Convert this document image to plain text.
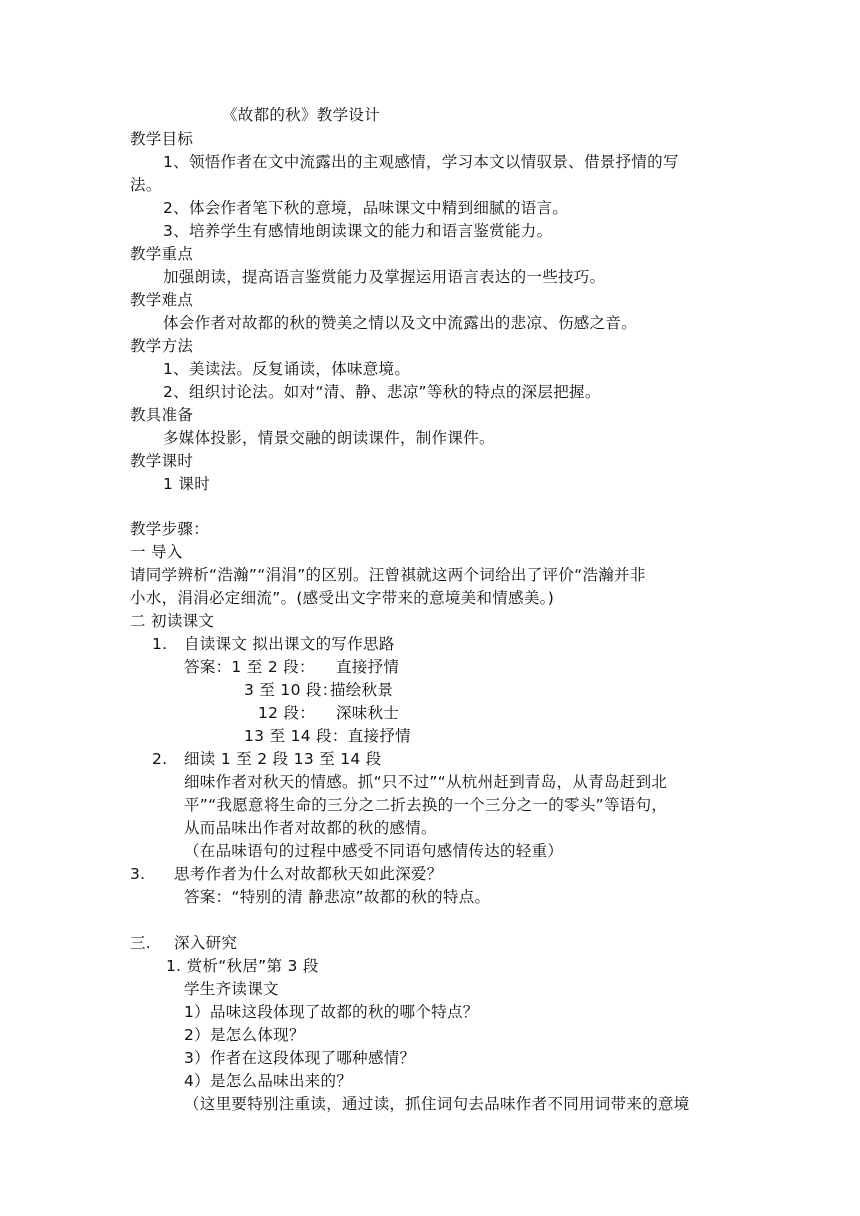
《故都的秋》教学设计
教学目标
1、领悟作者在文中流露出的主观感情，学习本文以情驭景、借景抒情的写
法。
2、体会作者笔下秋的意境，品味课文中精到细腻的语言。
3、培养学生有感情地朗读课文的能力和语言鉴赏能力。
教学重点
加强朗读，提高语言鉴赏能力及掌握运用语言表达的一些技巧。
教学难点
体会作者对故都的秋的赞美之情以及文中流露出的悲凉、伤感之音。
教学方法
1、美读法。反复诵读，体味意境。
2、组织讨论法。如对“清、静、悲凉”等秋的特点的深层把握。
教具准备
多媒体投影，情景交融的朗读课件，制作课件。
教学课时
1 课时
教学步骤：
一 导入
请同学辨析“浩瀚”“涓涓”的区别。汪曾祺就这两个词给出了评价“浩瀚并非
小水，涓涓必定细流”。(感受出文字带来的意境美和情感美。)
二 初读课文
1. 自读课文 拟出课文的写作思路
答案：1 至 2 段： 直接抒情
3 至 10 段：
描绘秋景
12 段： 深味秋士
13 至 14 段：直接抒情
2. 细读 1 至 2 段 13 至 14 段
细味作者对秋天的情感。抓“只不过”“从杭州赶到青岛，从青岛赶到北
平”“我愿意将生命的三分之二折去换的一个三分之一的零头”等语句，
从而品味出作者对故都的秋的感情。
（在品味语句的过程中感受不同语句感情传达的轻重）
3. 思考作者为什么对故都秋天如此深爱？
答案：“特别的清 静悲凉”故都的秋的特点。
三. 深入研究
1. 赏析“秋居”第 3 段
学生齐读课文
1）品味这段体现了故都的秋的哪个特点？
2）是怎么体现？
3）作者在这段体现了哪种感情？
4）是怎么品味出来的？
（这里要特别注重读，通过读，抓住词句去品味作者不同用词带来的意境
